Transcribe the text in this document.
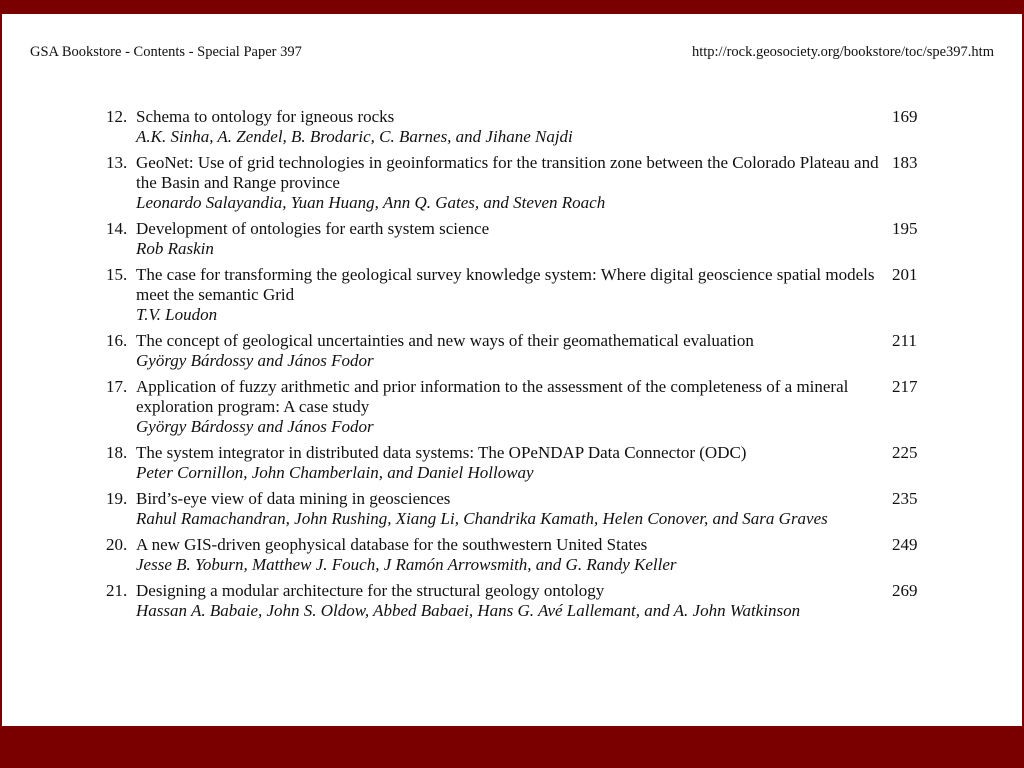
GSA Bookstore - Contents - Special Paper 397	http://rock.geosociety.org/bookstore/toc/spe397.htm
12. Schema to ontology for igneous rocks
A.K. Sinha, A. Zendel, B. Brodaric, C. Barnes, and Jihane Najdi
169
13. GeoNet: Use of grid technologies in geoinformatics for the transition zone between the Colorado Plateau and the Basin and Range province
Leonardo Salayandia, Yuan Huang, Ann Q. Gates, and Steven Roach
183
14. Development of ontologies for earth system science
Rob Raskin
195
15. The case for transforming the geological survey knowledge system: Where digital geoscience spatial models meet the semantic Grid
T.V. Loudon
201
16. The concept of geological uncertainties and new ways of their geomathematical evaluation
György Bárdossy and János Fodor
211
17. Application of fuzzy arithmetic and prior information to the assessment of the completeness of a mineral exploration program: A case study
György Bárdossy and János Fodor
217
18. The system integrator in distributed data systems: The OPeNDAP Data Connector (ODC)
Peter Cornillon, John Chamberlain, and Daniel Holloway
225
19. Bird’s-eye view of data mining in geosciences
Rahul Ramachandran, John Rushing, Xiang Li, Chandrika Kamath, Helen Conover, and Sara Graves
235
20. A new GIS-driven geophysical database for the southwestern United States
Jesse B. Yoburn, Matthew J. Fouch, J Ramón Arrowsmith, and G. Randy Keller
249
21. Designing a modular architecture for the structural geology ontology
Hassan A. Babaie, John S. Oldow, Abbed Babaei, Hans G. Avé Lallemant, and A. John Watkinson
269
